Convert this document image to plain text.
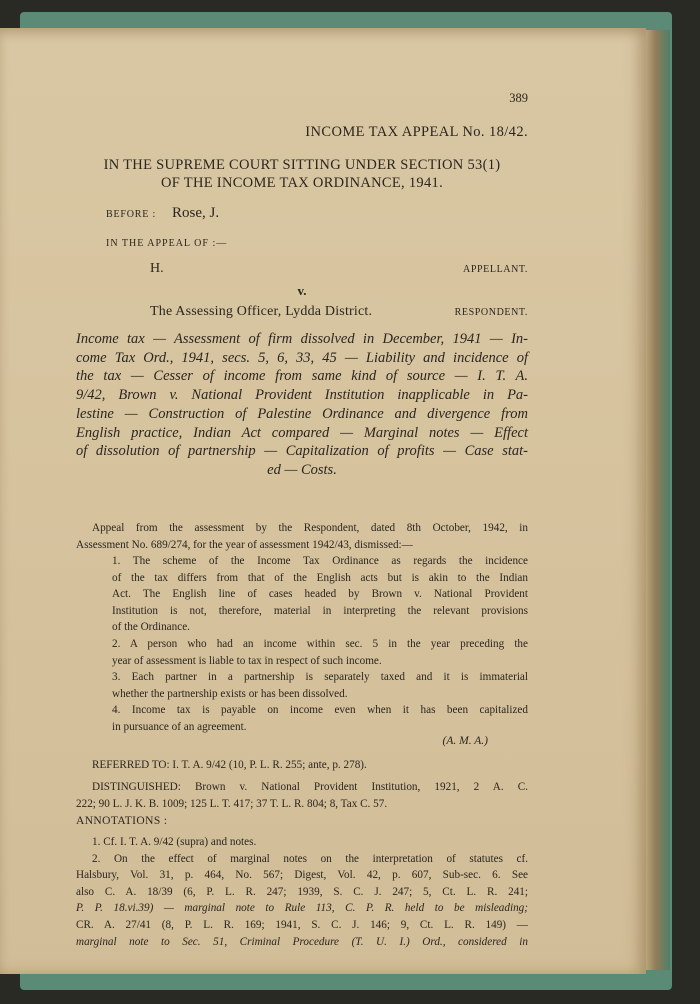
389
INCOME TAX APPEAL No. 18/42.
IN THE SUPREME COURT SITTING UNDER SECTION 53(1)
OF THE INCOME TAX ORDINANCE, 1941.
BEFORE : Rose, J.
IN THE APPEAL OF :—
H.	APPELLANT.
v.
The Assessing Officer, Lydda District.	RESPONDENT.
Income tax — Assessment of firm dissolved in December, 1941 — In-
come Tax Ord., 1941, secs. 5, 6, 33, 45 — Liability and incidence of
the tax — Cesser of income from same kind of source — I. T. A.
9/42, Brown v. National Provident Institution inapplicable in Pa-
lestine — Construction of Palestine Ordinance and divergence from
English practice, Indian Act compared — Marginal notes — Effect
of dissolution of partnership — Capitalization of profits — Case stat-
ed — Costs.
Appeal from the assessment by the Respondent, dated 8th October, 1942, in
Assessment No. 689/274, for the year of assessment 1942/43, dismissed:—
1. The scheme of the Income Tax Ordinance as regards the incidence
of the tax differs from that of the English acts but is akin to the Indian
Act. The English line of cases headed by Brown v. National Provident
Institution is not, therefore, material in interpreting the relevant provisions
of the Ordinance.
2. A person who had an income within sec. 5 in the year preceding the
year of assessment is liable to tax in respect of such income.
3. Each partner in a partnership is separately taxed and it is immaterial
whether the partnership exists or has been dissolved.
4. Income tax is payable on income even when it has been capitalized
in pursuance of an agreement.
(A. M. A.)
REFERRED TO: I. T. A. 9/42 (10, P. L. R. 255; ante, p. 278).
DISTINGUISHED: Brown v. National Provident Institution, 1921, 2 A. C.
222; 90 L. J. K. B. 1009; 125 L. T. 417; 37 T. L. R. 804; 8, Tax C. 57.
ANNOTATIONS :
1. Cf. I. T. A. 9/42 (supra) and notes.
2. On the effect of marginal notes on the interpretation of statutes cf.
Halsbury, Vol. 31, p. 464, No. 567; Digest, Vol. 42, p. 607, Sub-sec. 6. See
also C. A. 18/39 (6, P. L. R. 247; 1939, S. C. J. 247; 5, Ct. L. R. 241;
P. P. 18.vi.39) — marginal note to Rule 113, C. P. R. held to be misleading;
CR. A. 27/41 (8, P. L. R. 169; 1941, S. C. J. 146; 9, Ct. L. R. 149) —
marginal note to Sec. 51, Criminal Procedure (T. U. I.) Ord., considered in
